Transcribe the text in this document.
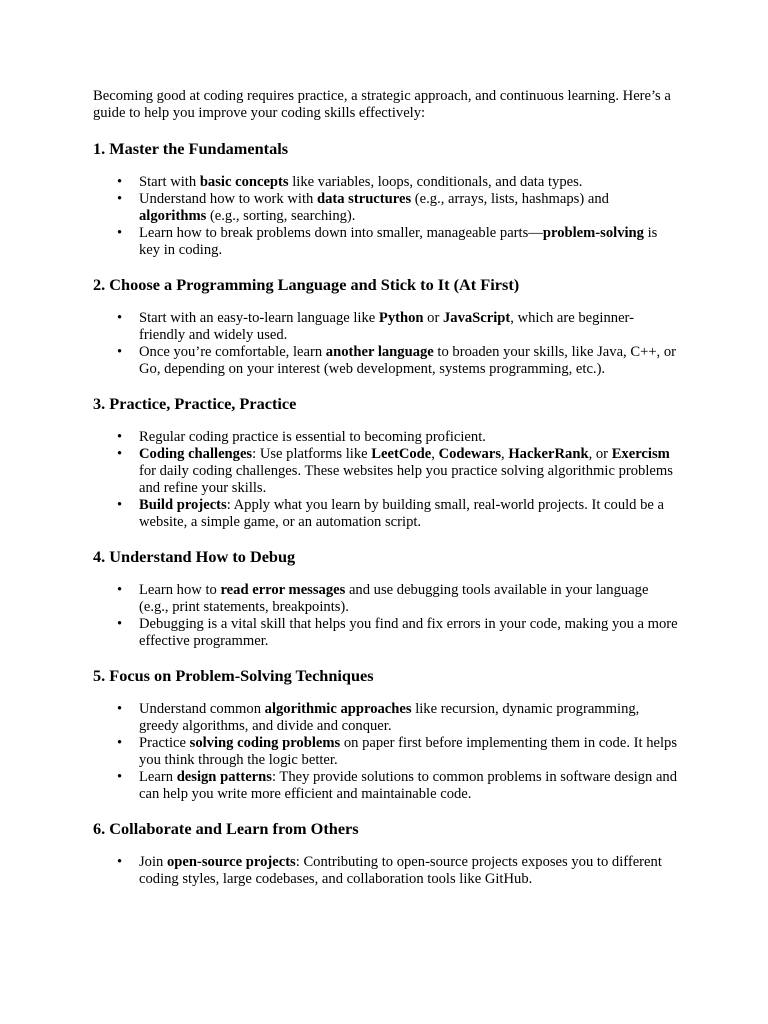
Becoming good at coding requires practice, a strategic approach, and continuous learning. Here’s a guide to help you improve your coding skills effectively:

1. Master the Fundamentals
• Start with basic concepts like variables, loops, conditionals, and data types.
• Understand how to work with data structures (e.g., arrays, lists, hashmaps) and algorithms (e.g., sorting, searching).
• Learn how to break problems down into smaller, manageable parts—problem-solving is key in coding.
2. Choose a Programming Language and Stick to It (At First)
• Start with an easy-to-learn language like Python or JavaScript, which are beginner-friendly and widely used.
• Once you’re comfortable, learn another language to broaden your skills, like Java, C++, or Go, depending on your interest (web development, systems programming, etc.).
3. Practice, Practice, Practice
• Regular coding practice is essential to becoming proficient.
• Coding challenges: Use platforms like LeetCode, Codewars, HackerRank, or Exercism for daily coding challenges. These websites help you practice solving algorithmic problems and refine your skills.
• Build projects: Apply what you learn by building small, real-world projects. It could be a website, a simple game, or an automation script.
4. Understand How to Debug
• Learn how to read error messages and use debugging tools available in your language (e.g., print statements, breakpoints).
• Debugging is a vital skill that helps you find and fix errors in your code, making you a more effective programmer.
5. Focus on Problem-Solving Techniques
• Understand common algorithmic approaches like recursion, dynamic programming, greedy algorithms, and divide and conquer.
• Practice solving coding problems on paper first before implementing them in code. It helps you think through the logic better.
• Learn design patterns: They provide solutions to common problems in software design and can help you write more efficient and maintainable code.
6. Collaborate and Learn from Others
• Join open-source projects: Contributing to open-source projects exposes you to different coding styles, large codebases, and collaboration tools like GitHub.
